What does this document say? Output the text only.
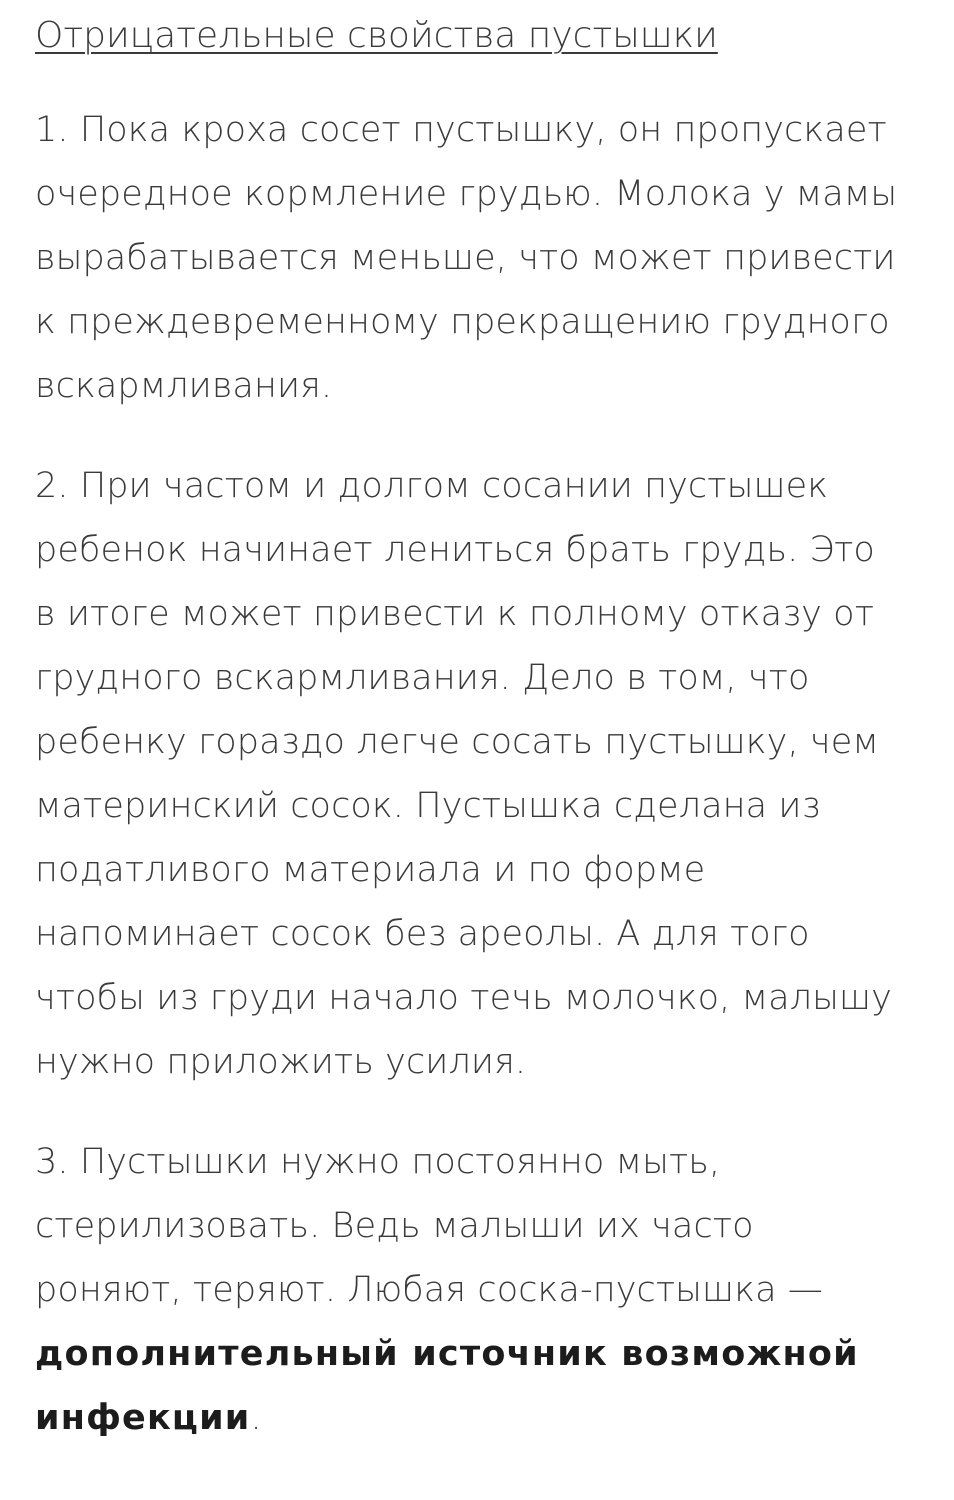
Отрицательные свойства пустышки

1. Пока кроха сосет пустышку, он пропускает очередное кормление грудью. Молока у мамы вырабатывается меньше, что может привести к преждевременному прекращению грудного вскармливания.

2. При частом и долгом сосании пустышек ребенок начинает лениться брать грудь. Это в итоге может привести к полному отказу от грудного вскармливания. Дело в том, что ребенку гораздо легче сосать пустышку, чем материнский сосок. Пустышка сделана из податливого материала и по форме напоминает сосок без ареолы. А для того чтобы из груди начало течь молочко, малышу нужно приложить усилия.

3. Пустышки нужно постоянно мыть, стерилизовать. Ведь малыши их часто роняют, теряют. Любая соска-пустышка — дополнительный источник возможной инфекции.
